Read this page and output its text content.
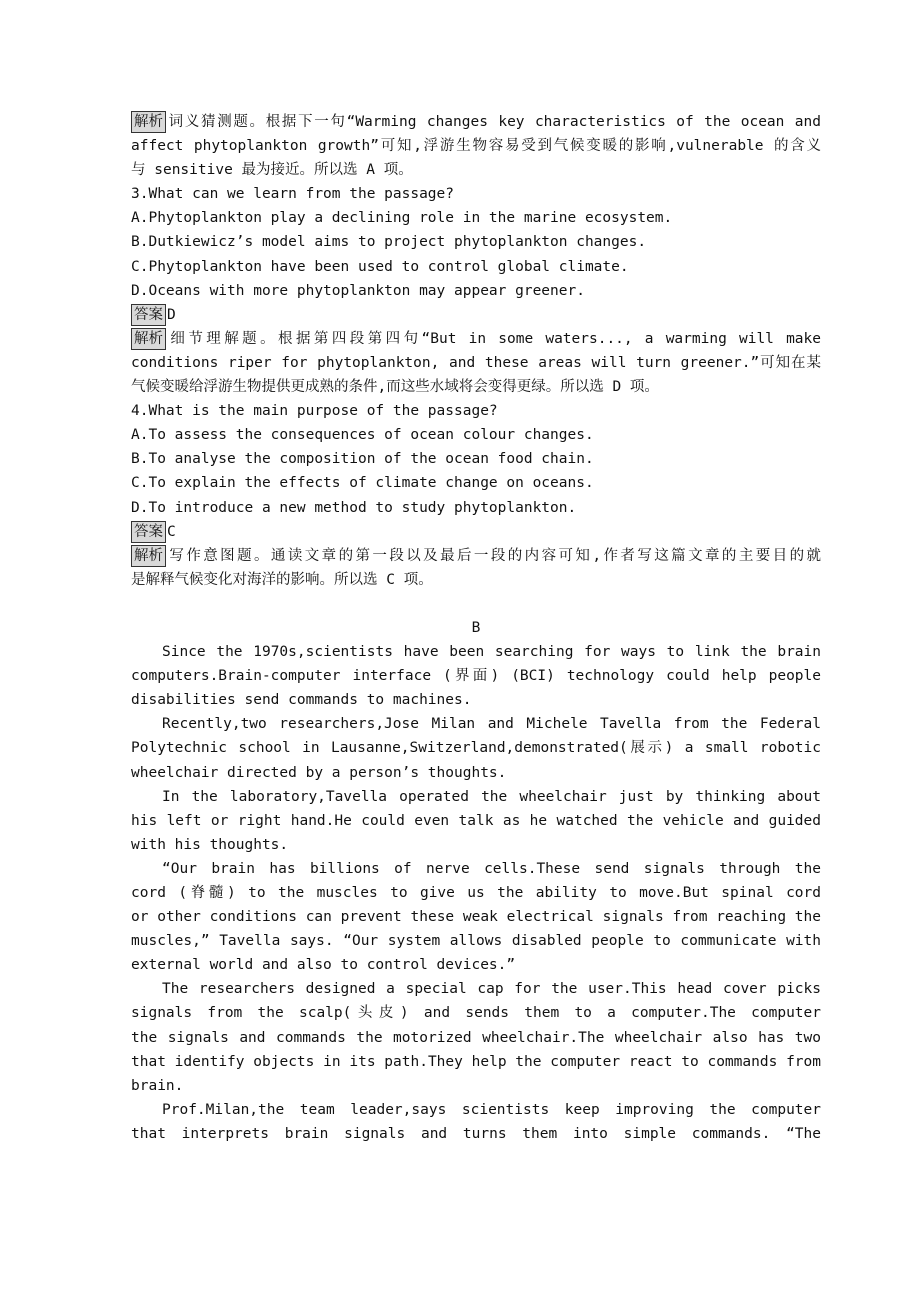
解析 词义猜测题。根据下一句“Warming changes key characteristics of the ocean and
affect phytoplankton growth”可知,浮游生物容易受到气候变暖的影响,vulnerable 的含义
与 sensitive 最为接近。所以选 A 项。
3.What can we learn from the passage?
A.Phytoplankton play a declining role in the marine ecosystem.
B.Dutkiewicz’s model aims to project phytoplankton changes.
C.Phytoplankton have been used to control global climate.
D.Oceans with more phytoplankton may appear greener.
答案 D
解析 细节理解题。根据第四段第四句“But in some waters..., a warming will make
conditions riper for phytoplankton, and these areas will turn greener.”可知在某
气候变暖给浮游生物提供更成熟的条件,而这些水域将会变得更绿。所以选 D 项。
4.What is the main purpose of the passage?
A.To assess the consequences of ocean colour changes.
B.To analyse the composition of the ocean food chain.
C.To explain the effects of climate change on oceans.
D.To introduce a new method to study phytoplankton.
答案 C
解析 写作意图题。通读文章的第一段以及最后一段的内容可知,作者写这篇文章的主要目的就
是解释气候变化对海洋的影响。所以选 C 项。
B
Since the 1970s,scientists have been searching for ways to link the brain
computers.Brain-computer interface (界面) (BCI) technology could help people
disabilities send commands to machines.
Recently,two researchers,Jose Milan and Michele Tavella from the Federal
Polytechnic school in Lausanne,Switzerland,demonstrated(展示) a small robotic
wheelchair directed by a person’s thoughts.
In the laboratory,Tavella operated the wheelchair just by thinking about
his left or right hand.He could even talk as he watched the vehicle and guided
with his thoughts.
“Our brain has billions of nerve cells.These send signals through the
cord (脊髓) to the muscles to give us the ability to move.But spinal cord
or other conditions can prevent these weak electrical signals from reaching the
muscles,” Tavella says. “Our system allows disabled people to communicate with
external world and also to control devices.”
The researchers designed a special cap for the user.This head cover picks
signals from the scalp(头皮) and sends them to a computer.The computer
the signals and commands the motorized wheelchair.The wheelchair also has two
that identify objects in its path.They help the computer react to commands from
brain.
Prof.Milan,the team leader,says scientists keep improving the computer
that interprets brain signals and turns them into simple commands. “The
